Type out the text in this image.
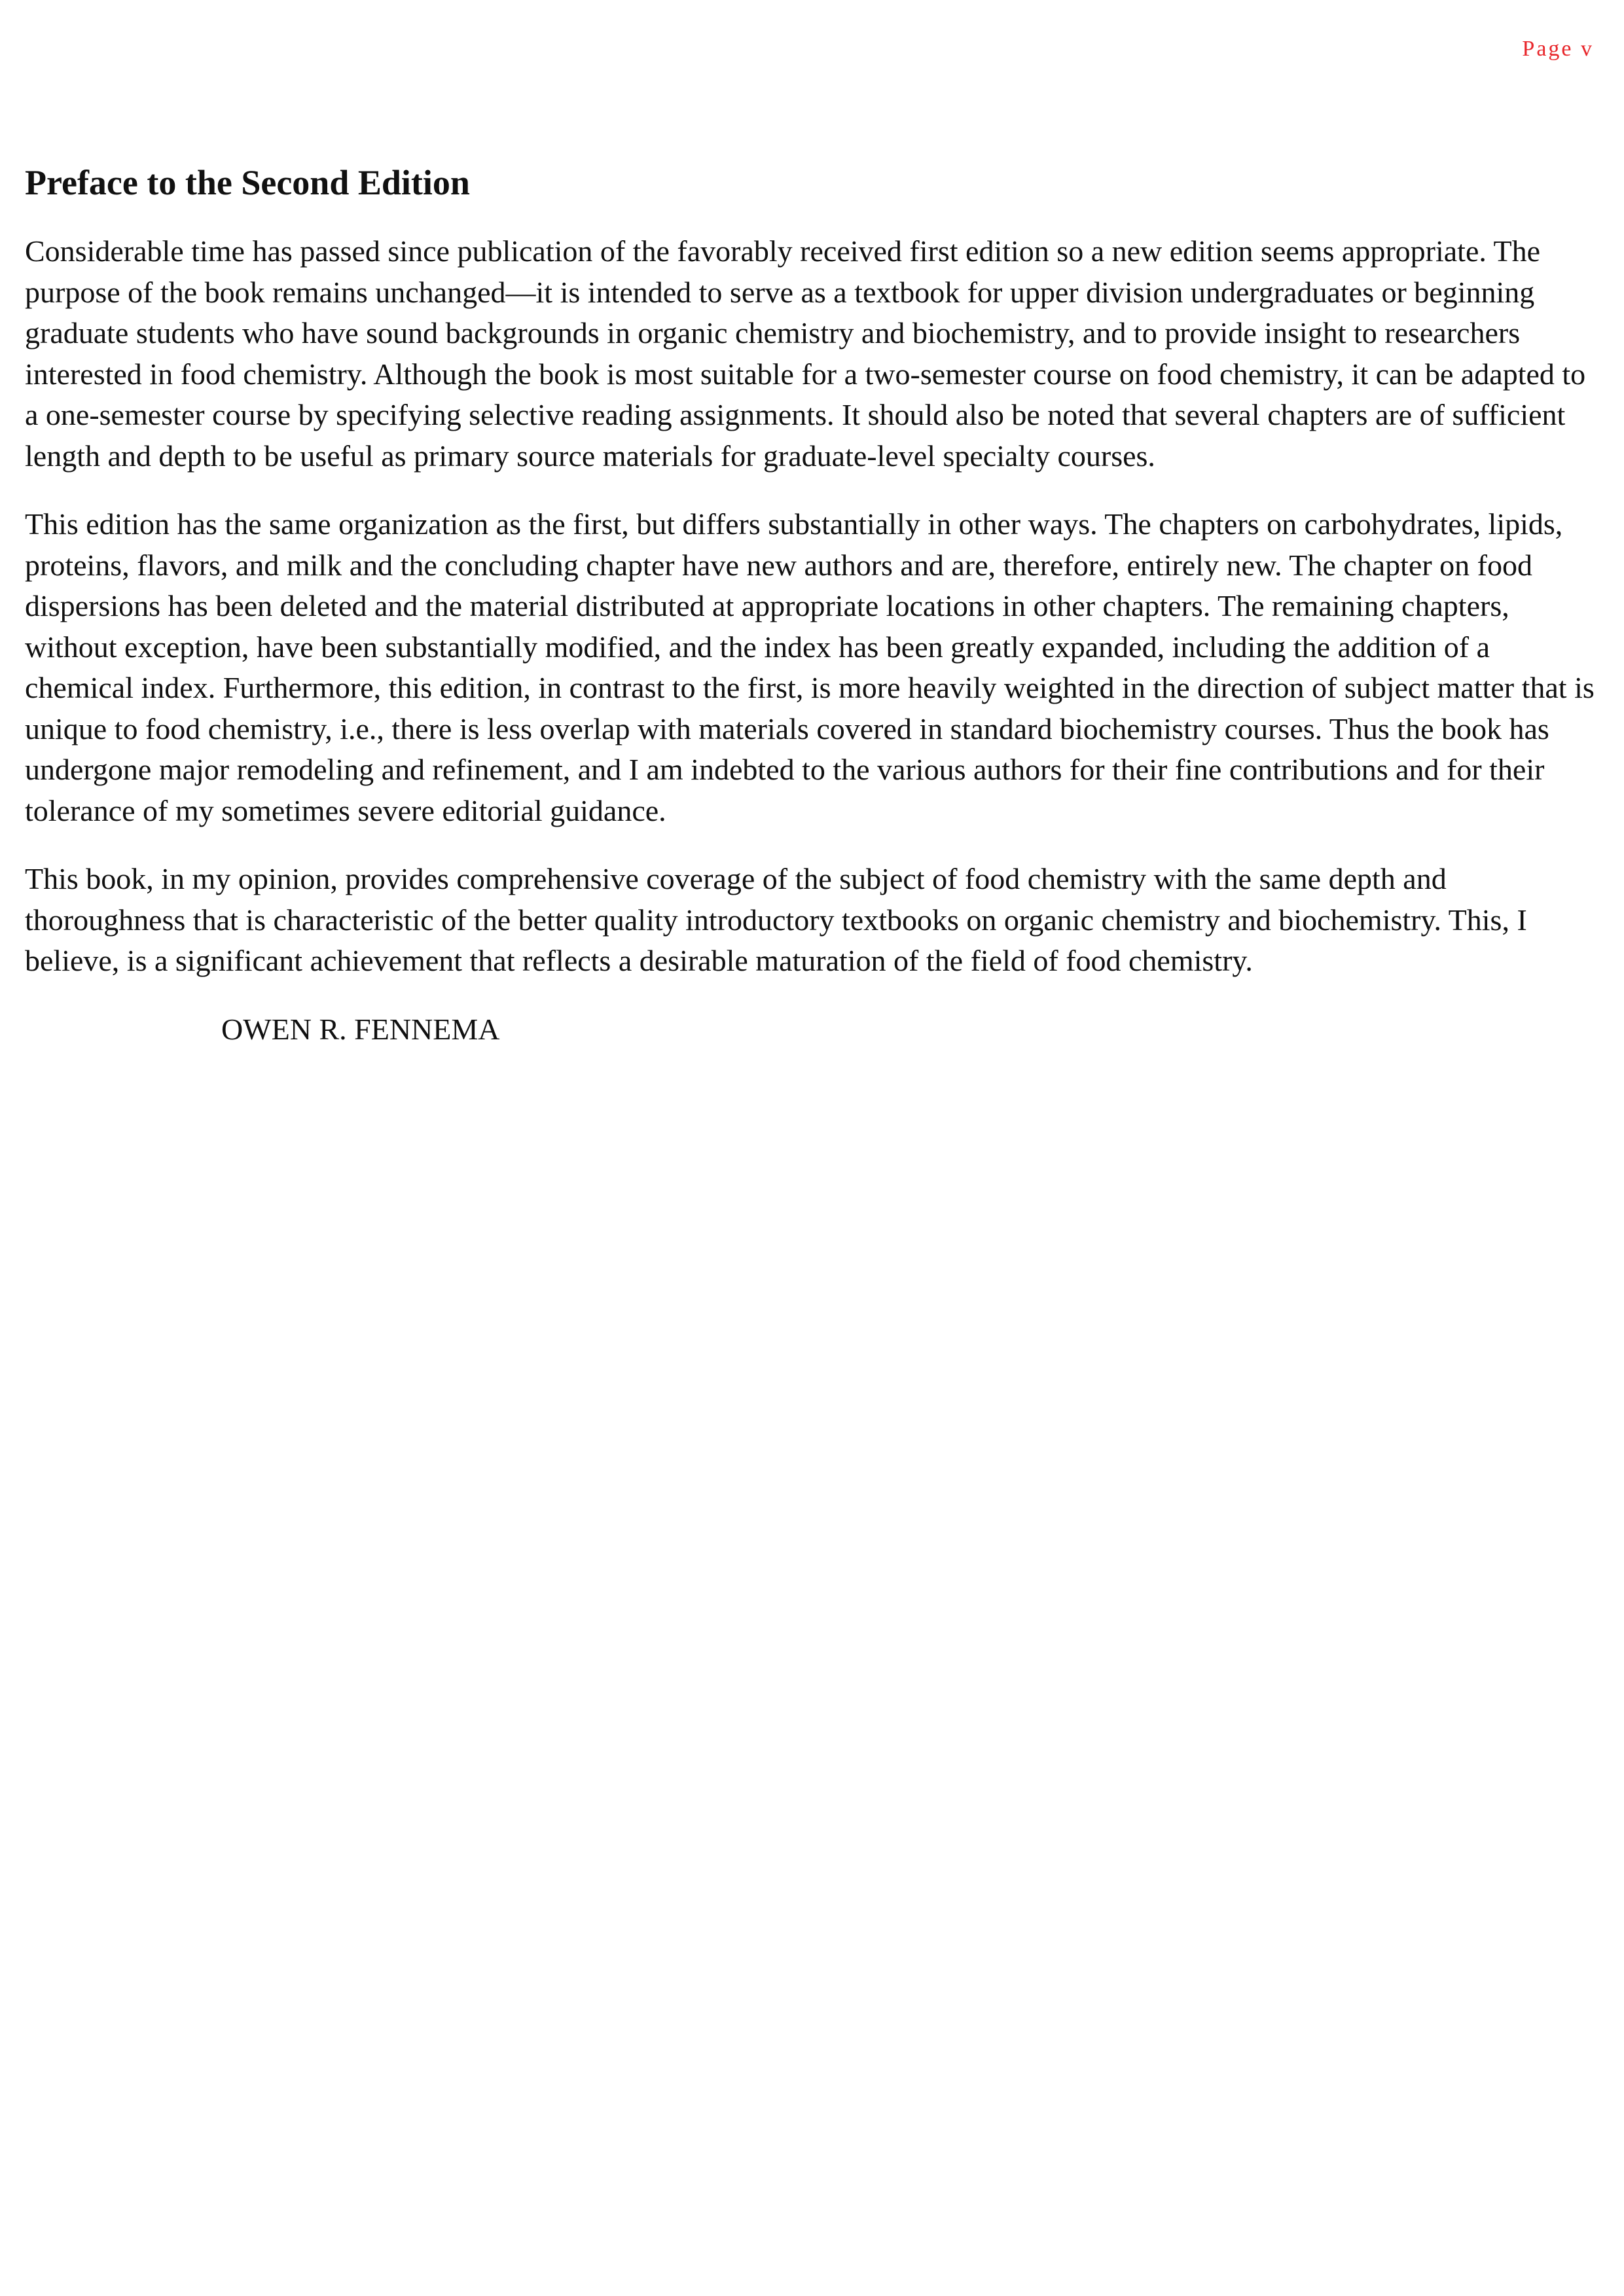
Page v
Preface to the Second Edition

Considerable time has passed since publication of the favorably received first edition so a new edition seems appropriate. The purpose of the book remains unchanged—it is intended to serve as a textbook for upper division undergraduates or beginning graduate students who have sound backgrounds in organic chemistry and biochemistry, and to provide insight to researchers interested in food chemistry. Although the book is most suitable for a two-semester course on food chemistry, it can be adapted to a one-semester course by specifying selective reading assignments. It should also be noted that several chapters are of sufficient length and depth to be useful as primary source materials for graduate-level specialty courses.

This edition has the same organization as the first, but differs substantially in other ways. The chapters on carbohydrates, lipids, proteins, flavors, and milk and the concluding chapter have new authors and are, therefore, entirely new. The chapter on food dispersions has been deleted and the material distributed at appropriate locations in other chapters. The remaining chapters, without exception, have been substantially modified, and the index has been greatly expanded, including the addition of a chemical index. Furthermore, this edition, in contrast to the first, is more heavily weighted in the direction of subject matter that is unique to food chemistry, i.e., there is less overlap with materials covered in standard biochemistry courses. Thus the book has undergone major remodeling and refinement, and I am indebted to the various authors for their fine contributions and for their tolerance of my sometimes severe editorial guidance.

This book, in my opinion, provides comprehensive coverage of the subject of food chemistry with the same depth and thoroughness that is characteristic of the better quality introductory textbooks on organic chemistry and biochemistry. This, I believe, is a significant achievement that reflects a desirable maturation of the field of food chemistry.

OWEN R. FENNEMA
